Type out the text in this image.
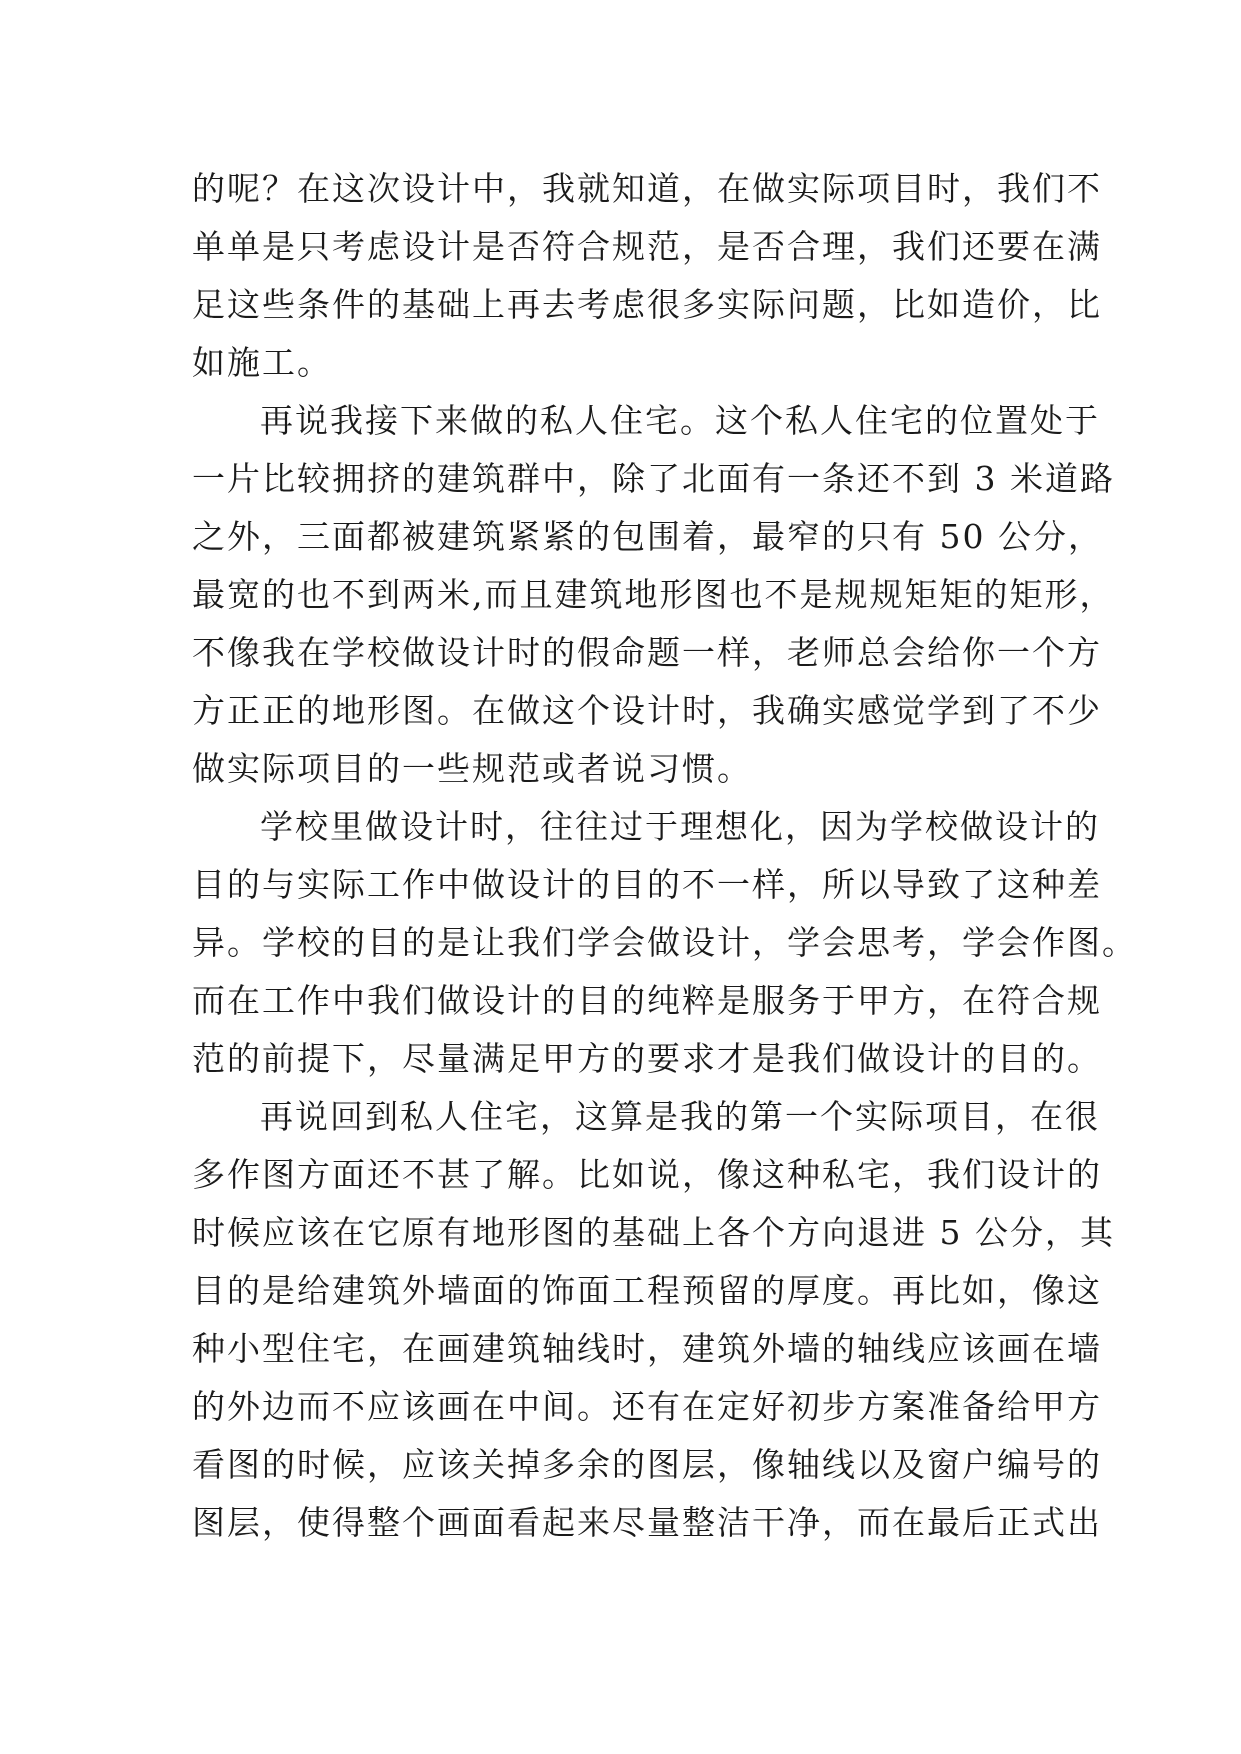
的呢？在这次设计中，我就知道，在做实际项目时，我们不
单单是只考虑设计是否符合规范，是否合理，我们还要在满
足这些条件的基础上再去考虑很多实际问题，比如造价，比
如施工。
再说我接下来做的私人住宅。这个私人住宅的位置处于
一片比较拥挤的建筑群中，除了北面有一条还不到 3 米道路
之外，三面都被建筑紧紧的包围着，最窄的只有 50 公分，
最宽的也不到两米,而且建筑地形图也不是规规矩矩的矩形，
不像我在学校做设计时的假命题一样，老师总会给你一个方
方正正的地形图。在做这个设计时，我确实感觉学到了不少
做实际项目的一些规范或者说习惯。
学校里做设计时，往往过于理想化，因为学校做设计的
目的与实际工作中做设计的目的不一样，所以导致了这种差
异。学校的目的是让我们学会做设计，学会思考，学会作图。
而在工作中我们做设计的目的纯粹是服务于甲方，在符合规
范的前提下，尽量满足甲方的要求才是我们做设计的目的。
再说回到私人住宅，这算是我的第一个实际项目，在很
多作图方面还不甚了解。比如说，像这种私宅，我们设计的
时候应该在它原有地形图的基础上各个方向退进 5 公分，其
目的是给建筑外墙面的饰面工程预留的厚度。再比如，像这
种小型住宅，在画建筑轴线时，建筑外墙的轴线应该画在墙
的外边而不应该画在中间。还有在定好初步方案准备给甲方
看图的时候，应该关掉多余的图层，像轴线以及窗户编号的
图层，使得整个画面看起来尽量整洁干净，而在最后正式出
